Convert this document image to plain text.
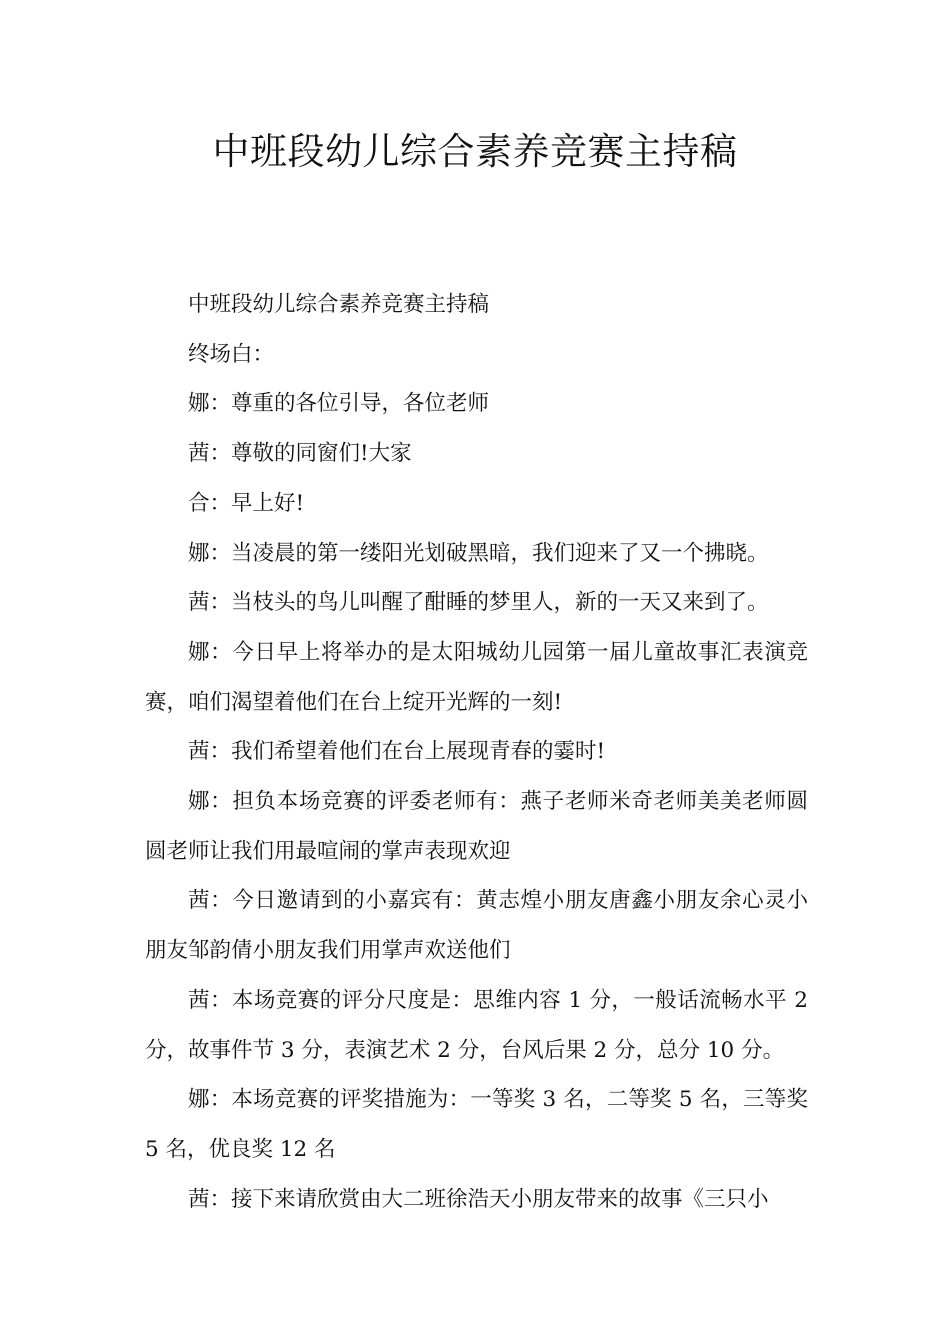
中班段幼儿综合素养竞赛主持稿

中班段幼儿综合素养竞赛主持稿

终场白：

娜：尊重的各位引导，各位老师

茜：尊敬的同窗们!大家

合：早上好!

娜：当凌晨的第一缕阳光划破黑暗，我们迎来了又一个拂晓。

茜：当枝头的鸟儿叫醒了酣睡的梦里人，新的一天又来到了。

娜：今日早上将举办的是太阳城幼儿园第一届儿童故事汇表演竞赛，咱们渴望着他们在台上绽开光辉的一刻!

茜：我们希望着他们在台上展现青春的霎时!

娜：担负本场竞赛的评委老师有：燕子老师米奇老师美美老师圆圆老师让我们用最喧闹的掌声表现欢迎

茜：今日邀请到的小嘉宾有：黄志煌小朋友唐鑫小朋友余心灵小朋友邹韵倩小朋友我们用掌声欢送他们

茜：本场竞赛的评分尺度是：思维内容 1 分，一般话流畅水平 2 分，故事件节 3 分，表演艺术 2 分，台风后果 2 分，总分 10 分。

娜：本场竞赛的评奖措施为：一等奖 3 名，二等奖 5 名，三等奖 5 名，优良奖 12 名

茜：接下来请欣赏由大二班徐浩天小朋友带来的故事《三只小
